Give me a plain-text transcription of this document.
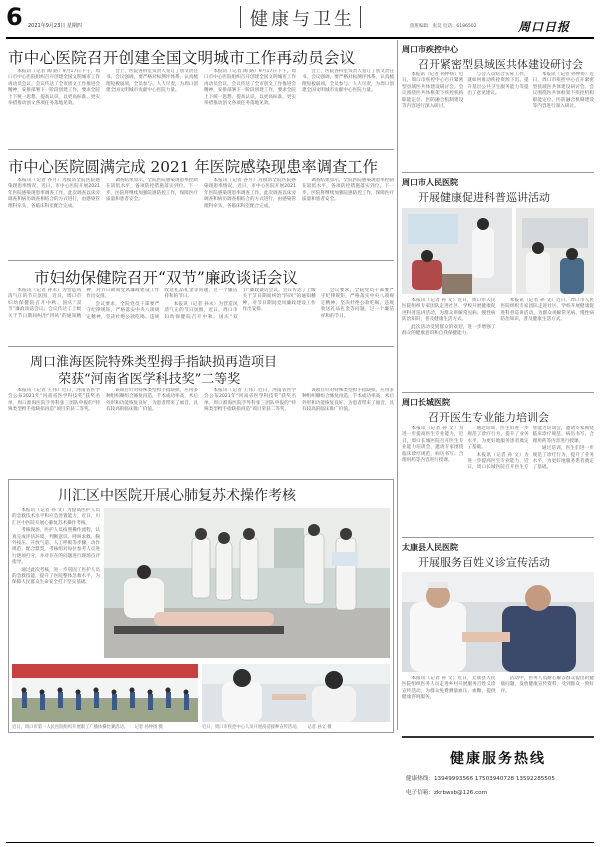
6 2021年9月23日 星期四	健康与卫生	值班编辑：张昊 电话：6186502	周口日报
市中心医院召开创建全国文明城市工作再动员会议

本报讯（记者 陶 路）9月17日下午，周口市中心医院组织召开创建全国文明城市工作再动员会议。会议传达了全市创文工作推进会精神，安排部署下一阶段创建工作，要求全院上下统一思想、提高认识，以更高标准、更实举措推动创文各项任务落地见效。

会上，医院各科室负责人签订了创文责任书。会议强调，要严格对标测评体系，认真梳理短板弱项，全员参与、人人尽责，为周口创建全国文明城市贡献中心医院力量。

本报讯（记者 陶 路）9月17日下午，周口市中心医院组织召开创建全国文明城市工作再动员会议。会议传达了全市创文工作推进会精神，安排部署下一阶段创建工作，要求全院上下统一思想、提高认识，以更高标准、更实举措推动创文各项任务落地见效。

会上，医院各科室负责人签订了创文责任书。会议强调，要严格对标测评体系，认真梳理短板弱项，全员参与、人人尽责，为周口创建全国文明城市贡献中心医院力量。

市中心医院圆满完成 2021 年医院感染现患率调查工作

本报讯（记者 谷月）为摸清全院医院感染现患率情况，近日，市中心医院开展2021年医院感染现患率调查工作。此次调查以床旁调查和病历调查相结合的方式进行，由感染管理科牵头，各临床科室配合完成。

调查结果显示，全院医院感染现患率控制在较低水平，各项防控措施落实到位。下一步，医院将继续加强院感防控工作，保障医疗质量和患者安全。

本报讯（记者 谷月）为摸清全院医院感染现患率情况，近日，市中心医院开展2021年医院感染现患率调查工作。此次调查以床旁调查和病历调查相结合的方式进行，由感染管理科牵头，各临床科室配合完成。

调查结果显示，全院医院感染现患率控制在较低水平，各项防控措施落实到位。下一步，医院将继续加强院感防控工作，保障医疗质量和患者安全。

市妇幼保健院召开“双节”廉政谈话会议

本报讯（记者 孙永）为营造风清气正的节日氛围，近日，周口市妇幼保健院召开中秋、国庆“双节”廉政谈话会议。会议传达了上级关于节日期间纠治“四风”的通知精神，对节日期间党风廉政建设工作作出安排。

会议要求，全院党员干部要严守纪律规矩，严格落实中央八项规定精神，坚决杜绝公款吃喝、违规收送礼品礼金等问题，过一个廉洁祥和的节日。

本报讯（记者 孙永）为营造风清气正的节日氛围，近日，周口市妇幼保健院召开中秋、国庆“双节”廉政谈话会议。会议传达了上级关于节日期间纠治“四风”的通知精神，对节日期间党风廉政建设工作作出安排。

会议要求，全院党员干部要严守纪律规矩，严格落实中央八项规定精神，坚决杜绝公款吃喝、违规收送礼品礼金等问题，过一个廉洁祥和的节日。

周口淮海医院特殊类型拇手指缺损再造项目
荣获“河南省医学科技奖”二等奖

本报讯（记者 王伟）近日，河南省医学会公布2021年“河南省医学科技奖”获奖名单，周口淮海医院手外科张三团队申报的“特殊类型拇手指缺损再造”项目荣获二等奖。

该项目针对特殊类型拇手指缺损，应用多种组织瓣组合修复再造，手术成功率高，术后外形和功能恢复良好，为患者带来了福音，具有较高的临床推广价值。

本报讯（记者 王伟）近日，河南省医学会公布2021年“河南省医学科技奖”获奖名单，周口淮海医院手外科张三团队申报的“特殊类型拇手指缺损再造”项目荣获二等奖。

该项目针对特殊类型拇手指缺损，应用多种组织瓣组合修复再造，手术成功率高，术后外形和功能恢复良好，为患者带来了福音，具有较高的临床推广价值。

川汇区中医院开展心肺复苏术操作考核

本报讯（记者 孙 文）为提高医护人员的急救技术水平和应急处置能力，近日，川汇区中医院开展心肺复苏术操作考核。

考核现场，医护人员按照操作流程，认真完成评估环境、判断意识、呼叫求救、胸外按压、开放气道、人工呼吸等步骤，动作规范、配合默契。考核组对每位参考人员进行逐项打分，并对存在的问题进行现场点评指导。

通过此次考核，进一步巩固了医护人员的急救技能，提升了医院整体急救水平，为保障人民群众生命安全打下坚实基础。

近日，周口市第一人民医院组织开展职工广播体操比赛活动。　　记者 孙仲扬 摄	近日，周口市疾控中心人员开展疫苗接种宣传活动。　　记者 孙文 摄
周口市疾控中心
召开紧密型县域医共体建设研讨会

本报讯（记者 孙仲扬）近日，周口市疾控中心召开紧密型县域医共体建设研讨会。会议围绕医共体框架下疾控机构职能定位、医防融合机制建设等内容进行深入研讨。

与会人员结合实际工作，就如何推动疾控资源下沉、提升基层公共卫生服务能力等提出了意见建议。

本报讯（记者 孙仲扬）近日，周口市疾控中心召开紧密型县域医共体建设研讨会。会议围绕医共体框架下疾控机构职能定位、医防融合机制建设等内容进行深入研讨。

周口市人民医院
开展健康促进科普巡讲活动

本报讯（记者 孙 文）近日，周口市人民医院组织专家团队走进社区、学校开展健康促进科普巡讲活动，为群众讲解常见病、慢性病防治知识，普及健康生活方式。

此次活动受到群众的欢迎，进一步增强了群众的健康意识和自我保健能力。

本报讯（记者 孙 文）近日，周口市人民医院组织专家团队走进社区、学校开展健康促进科普巡讲活动，为群众讲解常见病、慢性病防治知识，普及健康生活方式。

周口长城医院
召开医生专业能力培训会

本报讯（记者 孙 文）为进一步提高医生专业能力，近日，周口长城医院召开医生专业能力培训会，邀请专家围绕临床诊疗规范、病历书写、合理用药等内容进行授课。

通过培训，医生们进一步规范了诊疗行为，提升了业务水平，为更好地服务患者奠定了基础。

本报讯（记者 孙 文）为进一步提高医生专业能力，近日，周口长城医院召开医生专业能力培训会，邀请专家围绕临床诊疗规范、病历书写、合理用药等内容进行授课。

通过培训，医生们进一步规范了诊疗行为，提升了业务水平，为更好地服务患者奠定了基础。

太康县人民医院
开展服务百姓义诊宣传活动

本报讯（记者 孙 文）近日，太康县人民医院组织医务人员走进乡村开展服务百姓义诊宣传活动，为群众免费测量血压、血糖，提供健康咨询服务。

活动中，医务人员耐心解答群众提出的健康问题，发放健康宣传资料，受到群众一致好评。

健康服务热线
健康热线：13949993566 17503940728 13592285505
电子信箱：zkrbwsb@126.com
